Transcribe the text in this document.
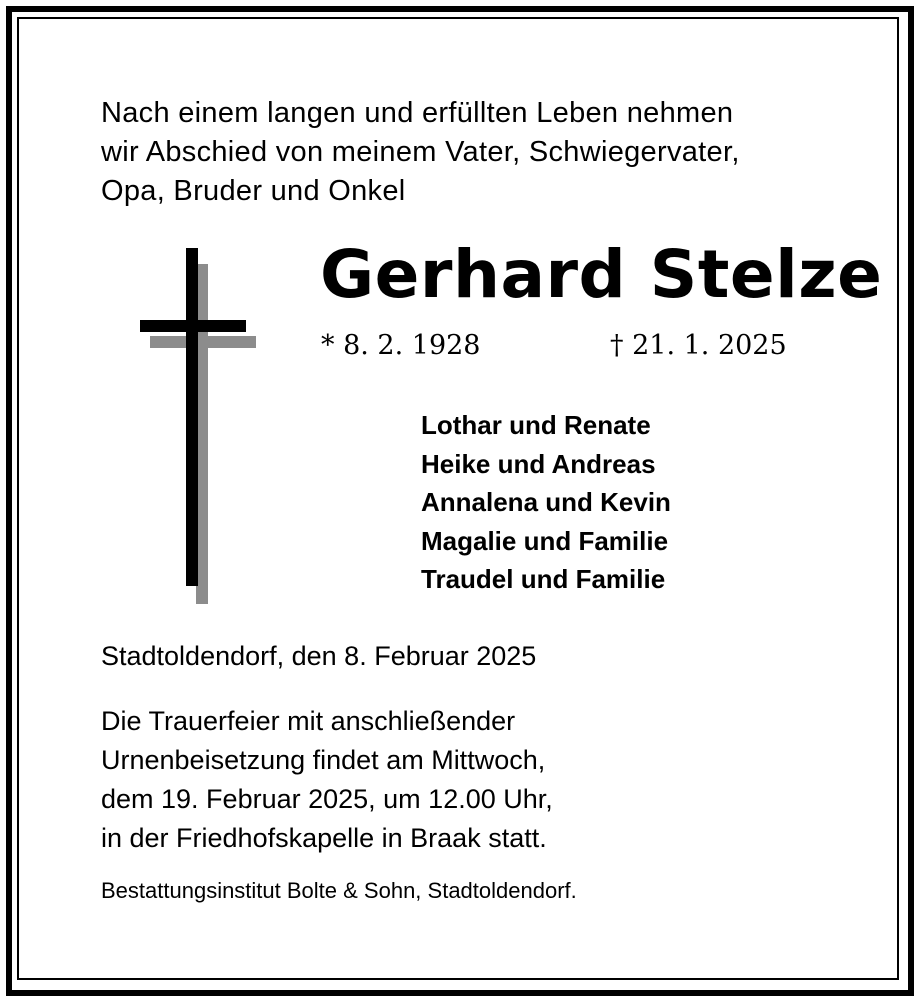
Nach einem langen und erfüllten Leben nehmen
wir Abschied von meinem Vater, Schwiegervater,
Opa, Bruder und Onkel
Gerhard Stelze
* 8. 2. 1928	† 21. 1. 2025
Lothar und Renate
Heike und Andreas
Annalena und Kevin
Magalie und Familie
Traudel und Familie
Stadtoldendorf, den 8. Februar 2025
Die Trauerfeier mit anschließender
Urnenbeisetzung findet am Mittwoch,
dem 19. Februar 2025, um 12.00 Uhr,
in der Friedhofskapelle in Braak statt.
Bestattungsinstitut Bolte & Sohn, Stadtoldendorf.
